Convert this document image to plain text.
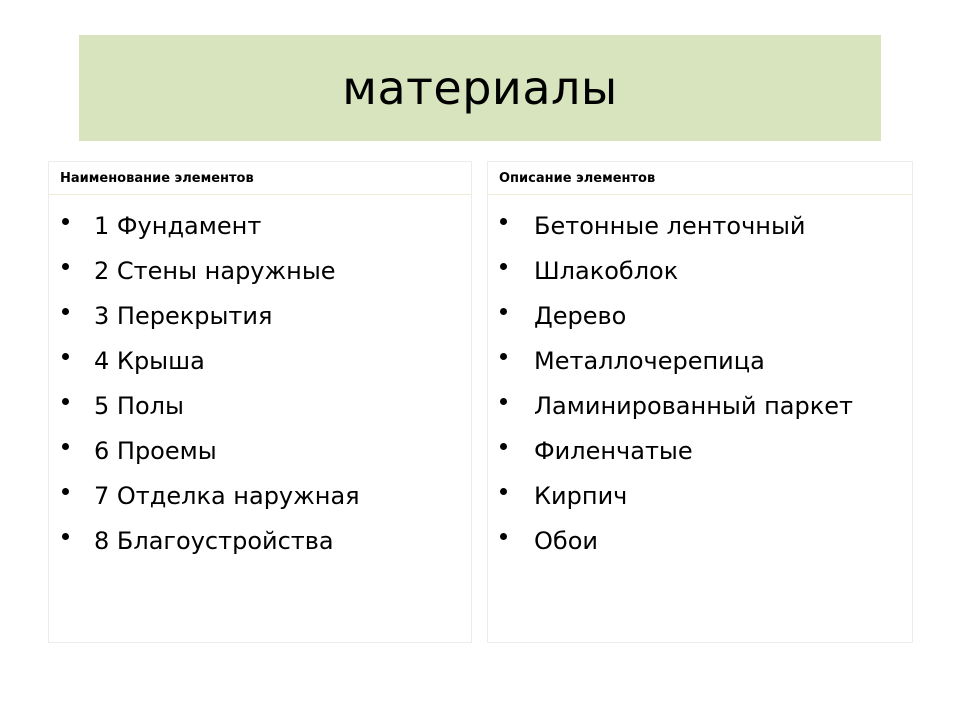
материалы
Наименование элементов
1 Фундамент
2 Стены наружные
3 Перекрытия
4 Крыша
5 Полы
6 Проемы
7 Отделка наружная
8 Благоустройства
Описание элементов
Бетонные ленточный
Шлакоблок
Дерево
Металлочерепица
Ламинированный паркет
Филенчатые
Кирпич
Обои
